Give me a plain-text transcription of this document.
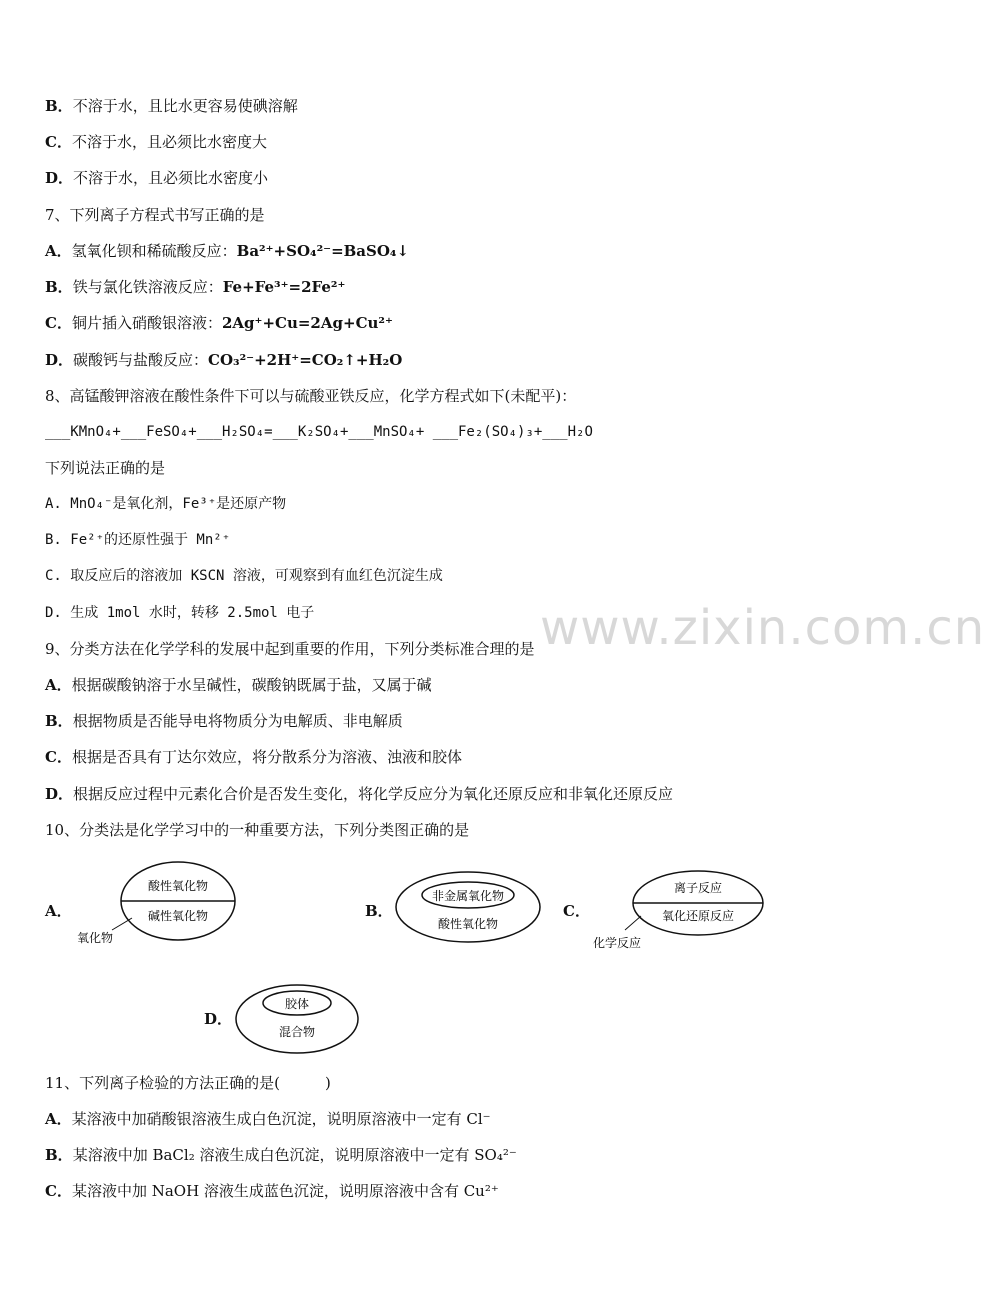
www.zixin.com.cn
B．不溶于水，且比水更容易使碘溶解
C．不溶于水，且必须比水密度大
D．不溶于水，且必须比水密度小
7、下列离子方程式书写正确的是
A．氢氧化钡和稀硫酸反应：Ba²⁺+SO₄²⁻=BaSO₄↓
B．铁与氯化铁溶液反应：Fe+Fe³⁺=2Fe²⁺
C．铜片插入硝酸银溶液：2Ag⁺+Cu=2Ag+Cu²⁺
D．碳酸钙与盐酸反应：CO₃²⁻+2H⁺=CO₂↑+H₂O
8、高锰酸钾溶液在酸性条件下可以与硫酸亚铁反应，化学方程式如下(未配平)：
___KMnO₄+___FeSO₄+___H₂SO₄=___K₂SO₄+___MnSO₄+ ___Fe₂(SO₄)₃+___H₂O
下列说法正确的是
A. MnO₄⁻是氧化剂，Fe³⁺是还原产物
B. Fe²⁺的还原性强于 Mn²⁺
C. 取反应后的溶液加 KSCN 溶液，可观察到有血红色沉淀生成
D. 生成 1mol 水时，转移 2.5mol 电子
9、分类方法在化学学科的发展中起到重要的作用，下列分类标准合理的是
A．根据碳酸钠溶于水呈碱性，碳酸钠既属于盐，又属于碱
B．根据物质是否能导电将物质分为电解质、非电解质
C．根据是否具有丁达尔效应，将分散系分为溶液、浊液和胶体
D．根据反应过程中元素化合价是否发生变化，将化学反应分为氧化还原反应和非氧化还原反应
10、分类法是化学学习中的一种重要方法，下列分类图正确的是
A．
酸性氧化物
碱性氧化物
氧化物
B．
非金属氧化物
酸性氧化物
C．
离子反应
氧化还原反应
化学反应
D．
胶体
混合物
11、下列离子检验的方法正确的是(　　　)
A．某溶液中加硝酸银溶液生成白色沉淀，说明原溶液中一定有 Cl⁻
B．某溶液中加 BaCl₂ 溶液生成白色沉淀，说明原溶液中一定有 SO₄²⁻
C．某溶液中加 NaOH 溶液生成蓝色沉淀，说明原溶液中含有 Cu²⁺
